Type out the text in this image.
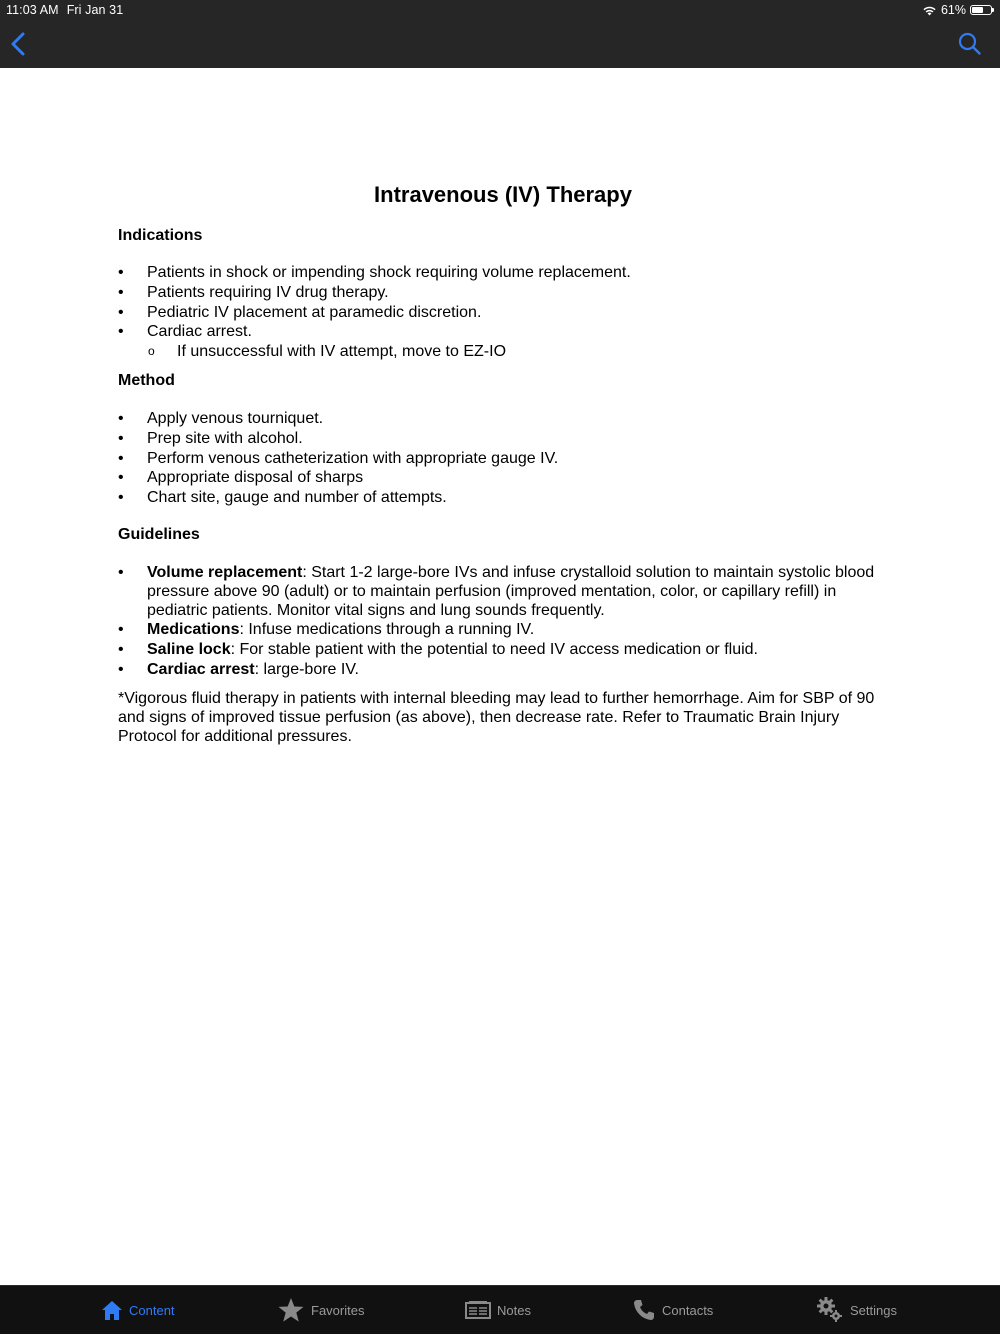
11:03 AM Fri Jan 31	61%
Intravenous (IV) Therapy
Indications
• Patients in shock or impending shock requiring volume replacement.
• Patients requiring IV drug therapy.
• Pediatric IV placement at paramedic discretion.
• Cardiac arrest.
o If unsuccessful with IV attempt, move to EZ-IO
Method
• Apply venous tourniquet.
• Prep site with alcohol.
• Perform venous catheterization with appropriate gauge IV.
• Appropriate disposal of sharps
• Chart site, gauge and number of attempts.
Guidelines
• Volume replacement: Start 1-2 large-bore IVs and infuse crystalloid solution to maintain systolic blood pressure above 90 (adult) or to maintain perfusion (improved mentation, color, or capillary refill) in pediatric patients. Monitor vital signs and lung sounds frequently.
• Medications: Infuse medications through a running IV.
• Saline lock: For stable patient with the potential to need IV access medication or fluid.
• Cardiac arrest: large-bore IV.

*Vigorous fluid therapy in patients with internal bleeding may lead to further hemorrhage. Aim for SBP of 90 and signs of improved tissue perfusion (as above), then decrease rate. Refer to Traumatic Brain Injury Protocol for additional pressures.

Content	Favorites	Notes	Contacts	Settings
